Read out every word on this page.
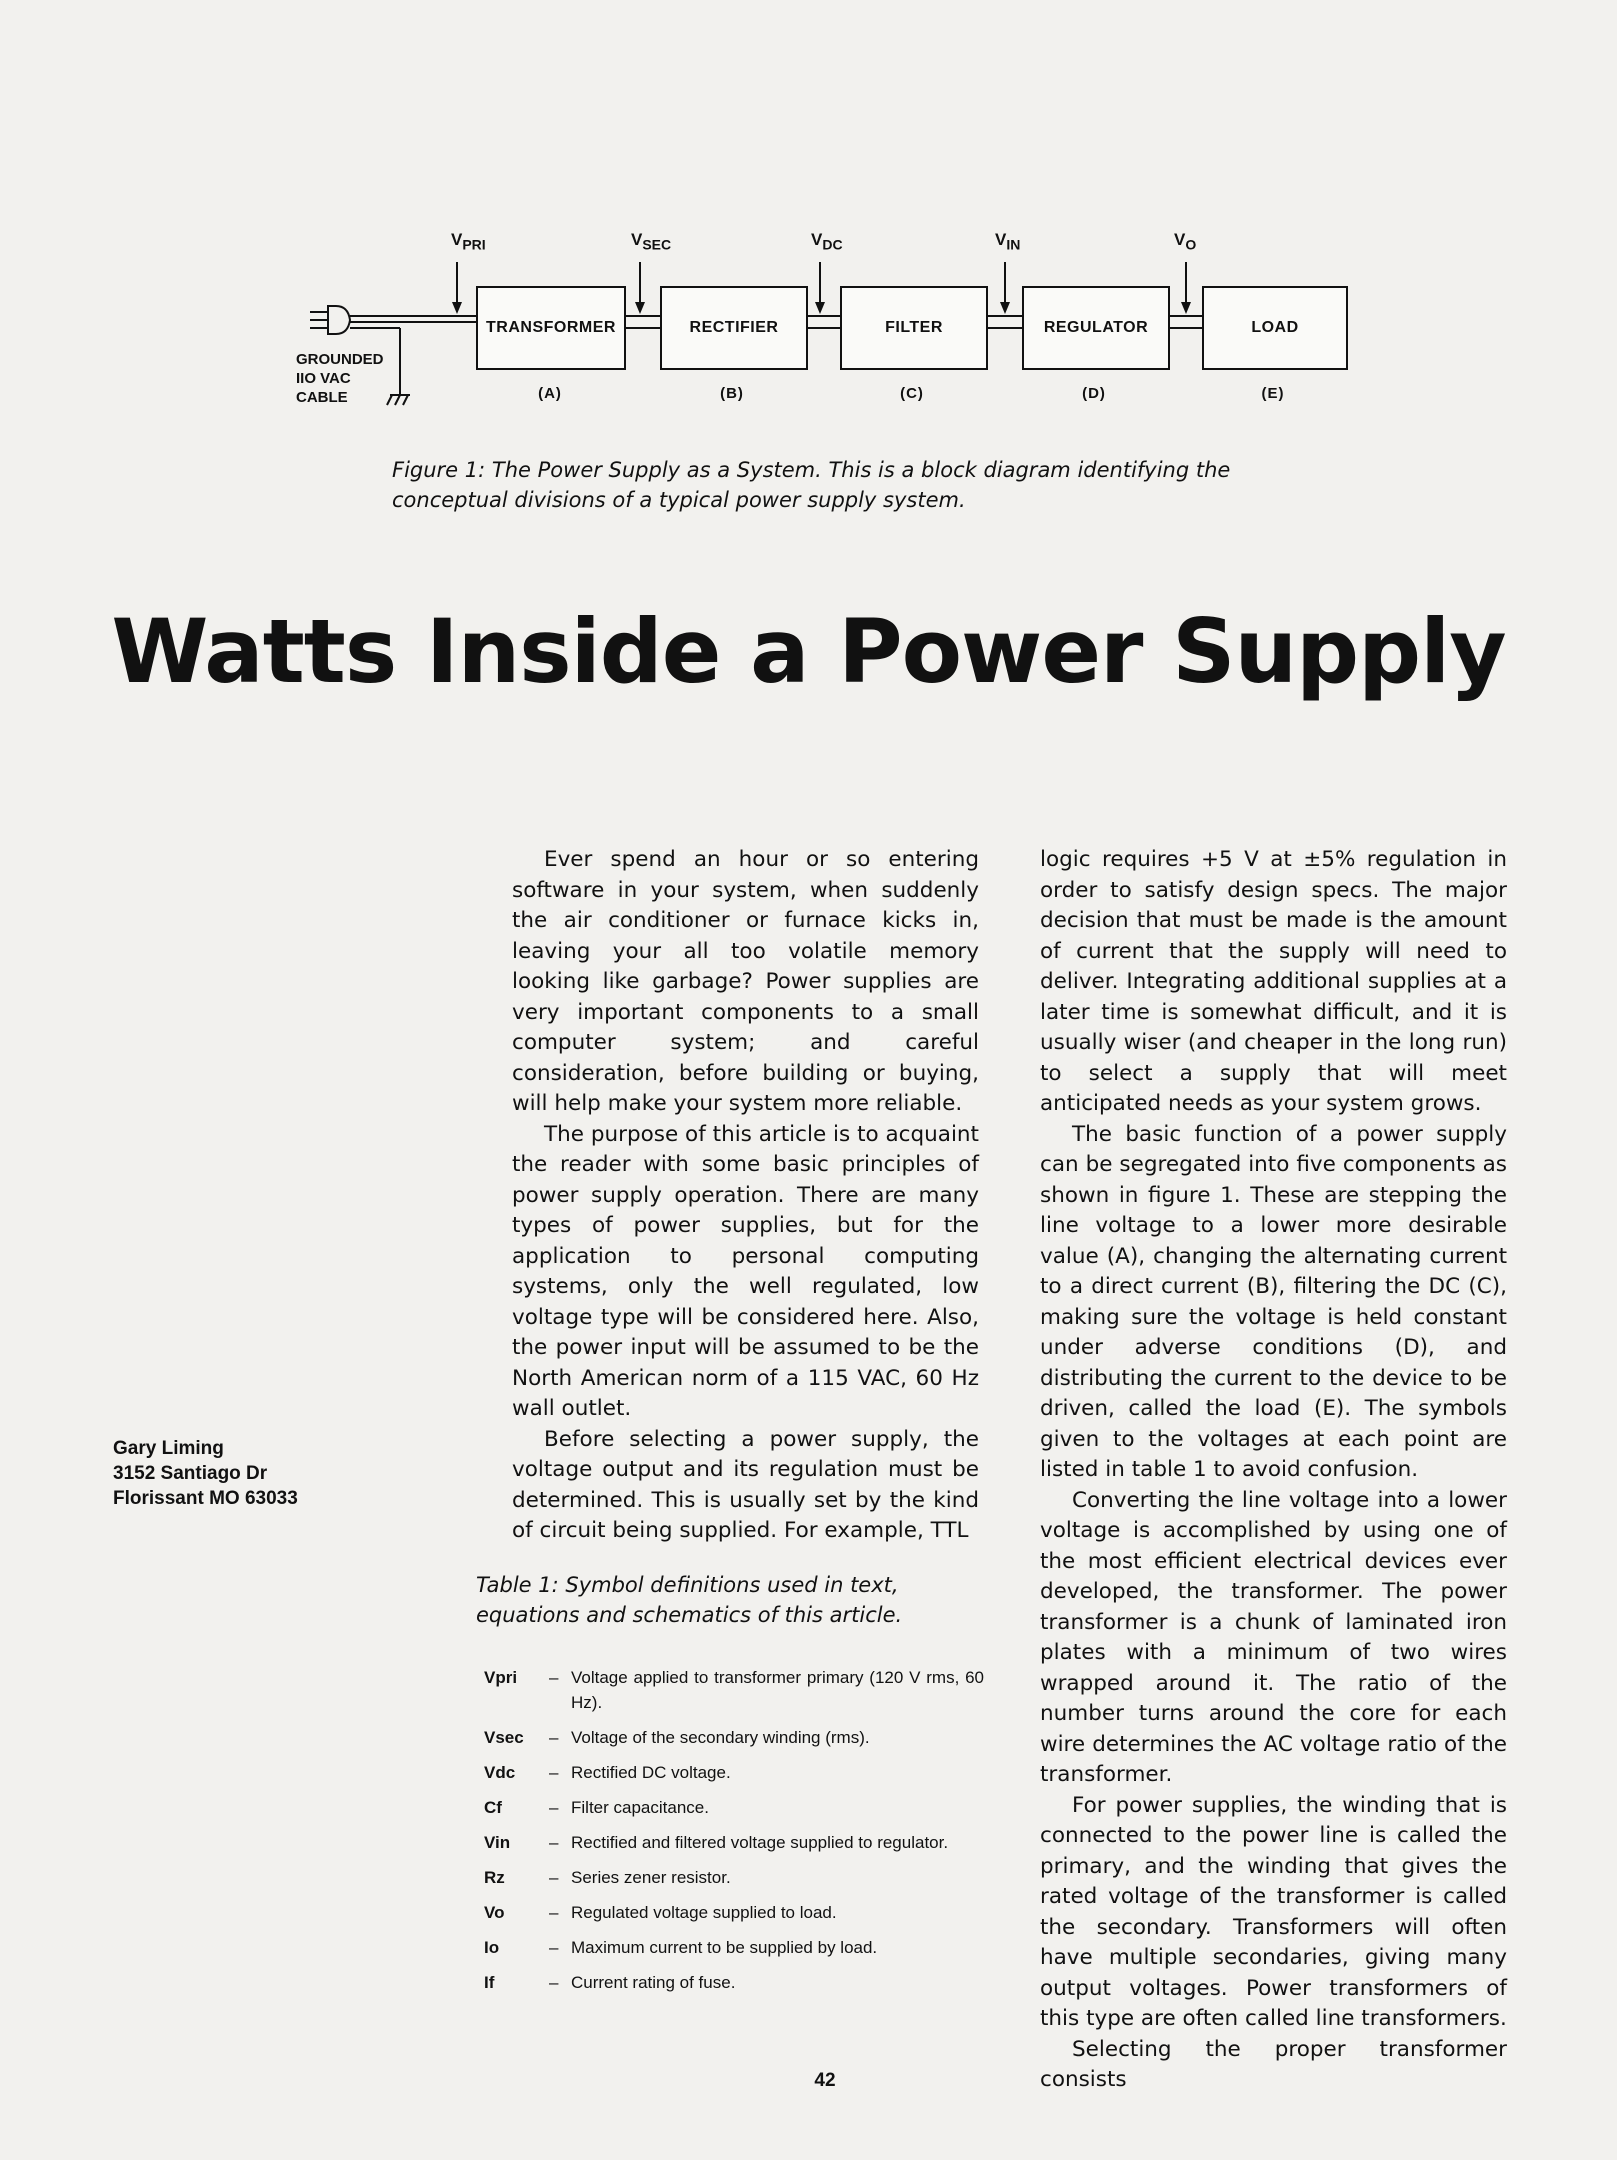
$V_{PRI}$	$V_{SEC}$	$V_{DC}$	$V_{IN}$	$V_O$
TRANSFORMER	RECTIFIER	FILTER	REGULATOR	LOAD
(A)	(B)	(C)	(D)	(E)
GROUNDED
IIO VAC
CABLE
Figure 1: The Power Supply as a System. This is a block diagram identifying the conceptual divisions of a typical power supply system.
Watts Inside a Power Supply
Gary Liming
3152 Santiago Dr
Florissant MO 63033

Ever spend an hour or so entering software in your system, when suddenly the air conditioner or furnace kicks in, leaving your all too volatile memory looking like garbage? Power supplies are very important components to a small computer system; and careful consideration, before building or buying, will help make your system more reliable.

The purpose of this article is to acquaint the reader with some basic principles of power supply operation. There are many types of power supplies, but for the application to personal computing systems, only the well regulated, low voltage type will be considered here. Also, the power input will be assumed to be the North American norm of a 115 VAC, 60 Hz wall outlet.

Before selecting a power supply, the voltage output and its regulation must be determined. This is usually set by the kind of circuit being supplied. For example, TTL

Table 1: Symbol definitions used in text, equations and schematics of this article.
Vpri	– Voltage applied to transformer primary (120 V rms, 60 Hz).
Vsec	– Voltage of the secondary winding (rms).
Vdc	– Rectified DC voltage.
Cf	– Filter capacitance.
Vin	– Rectified and filtered voltage supplied to regulator.
Rz	– Series zener resistor.
Vo	– Regulated voltage supplied to load.
Io	– Maximum current to be supplied by load.
If	– Current rating of fuse.

logic requires +5 V at ±5% regulation in order to satisfy design specs. The major decision that must be made is the amount of current that the supply will need to deliver. Integrating additional supplies at a later time is somewhat difficult, and it is usually wiser (and cheaper in the long run) to select a supply that will meet anticipated needs as your system grows.

The basic function of a power supply can be segregated into five components as shown in figure 1. These are stepping the line voltage to a lower more desirable value (A), changing the alternating current to a direct current (B), filtering the DC (C), making sure the voltage is held constant under adverse conditions (D), and distributing the current to the device to be driven, called the load (E). The symbols given to the voltages at each point are listed in table 1 to avoid confusion.

Converting the line voltage into a lower voltage is accomplished by using one of the most efficient electrical devices ever developed, the transformer. The power transformer is a chunk of laminated iron plates with a minimum of two wires wrapped around it. The ratio of the number turns around the core for each wire determines the AC voltage ratio of the transformer.

For power supplies, the winding that is connected to the power line is called the primary, and the winding that gives the rated voltage of the transformer is called the secondary. Transformers will often have multiple secondaries, giving many output voltages. Power transformers of this type are often called line transformers.

Selecting the proper transformer consists

42
